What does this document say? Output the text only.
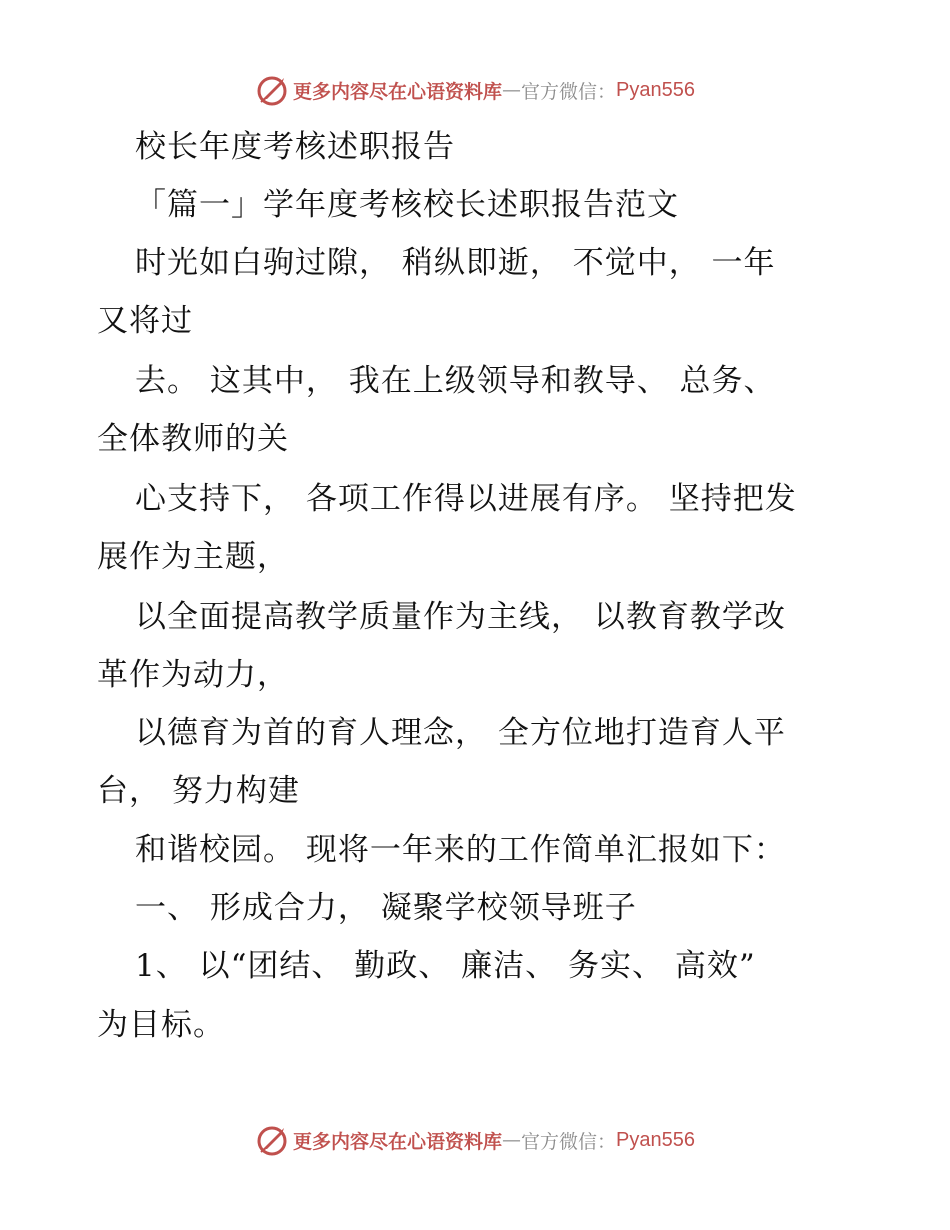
更多内容尽在心语资料库 — 官方微信： Pyan556
校长年度考核述职报告
「篇一」学年度考核校长述职报告范文
时光如白驹过隙， 稍纵即逝， 不觉中， 一年
又将过
去。 这其中， 我在上级领导和教导、 总务、
全体教师的关
心支持下， 各项工作得以进展有序。 坚持把发
展作为主题，
以全面提高教学质量作为主线， 以教育教学改
革作为动力，
以德育为首的育人理念， 全方位地打造育人平
台， 努力构建
和谐校园。 现将一年来的工作简单汇报如下：
一、 形成合力， 凝聚学校领导班子
1、 以“团结、 勤政、 廉洁、 务实、 高效”
为目标。
更多内容尽在心语资料库 — 官方微信： Pyan556
